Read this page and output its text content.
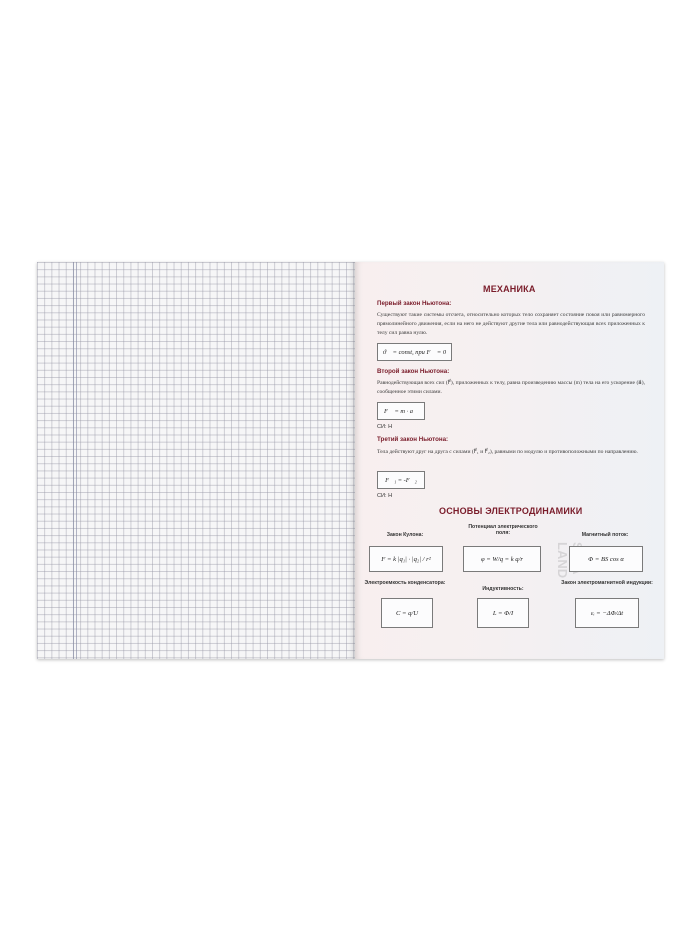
LAND
МЕХАНИКА
Первый закон Ньютона:
Существуют такие системы отсчета, относительно которых тело сохраняет состояние покоя или равномерного прямолинейного движения, если на него не действуют другие тела или равнодействующая всех приложенных к телу сил равна нулю.
ϑ⃗ = const, при F⃗ = 0
Второй закон Ньютона:
Равнодействующая всех сил (F⃗), приложенных к телу, равна произведению массы (m) тела на его ускорение (a⃗), сообщенное этими силами.
F⃗ = m · a⃗
СИ: Н
Третий закон Ньютона:
Тела действуют друг на друга с силами (F⃗₁ и F⃗₂), равными по модулю и противоположными по направлению.
F⃗₁ = -F⃗₂
СИ: Н
ОСНОВЫ ЭЛЕКТРОДИНАМИКИ
Закон Кулона:
F = k |q₁| · |q₂| / r²
Потенциал электрического поля:
φ = W/q = k q/r
Магнитный поток:
Φ = BS cos α
Электроемкость конденсатора:
C = q/U
Индуктивность:
L = Φ/I
Закон электромагнитной индукции:
εᵢ = −ΔΦ/Δt
